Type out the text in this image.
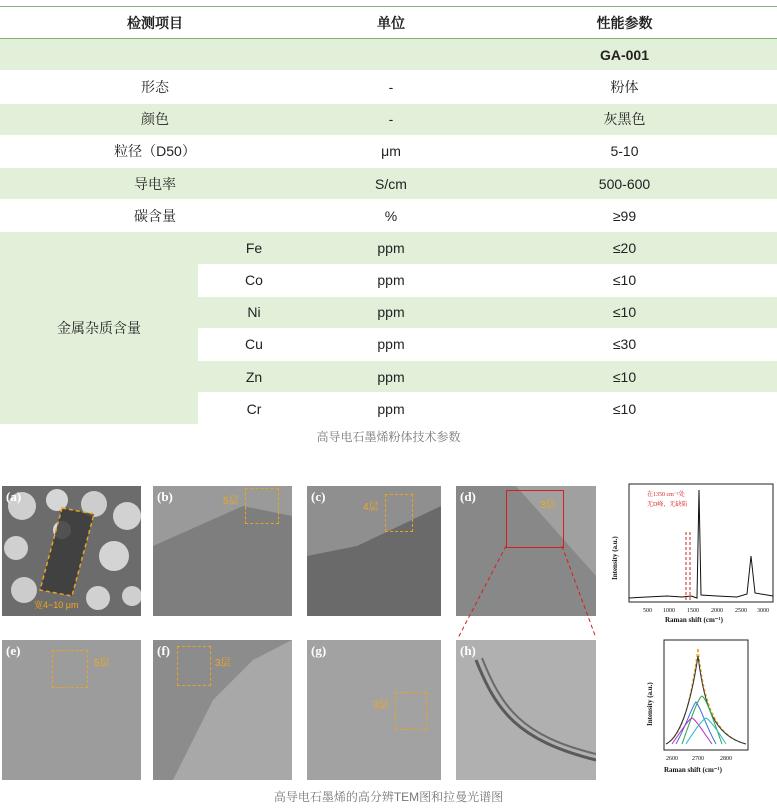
检测项目		单位	性能参数
			GA-001
形态		-	粉体
颜色		-	灰黑色
粒径（D50）		μm	5-10
导电率		S/cm	500-600
碳含量		%	≥99
金属杂质含量	Fe	ppm	≤20
	Co	ppm	≤10
	Ni	ppm	≤10
	Cu	ppm	≤30
	Zn	ppm	≤10
	Cr	ppm	≤10
高导电石墨烯粉体技术参数
(a)
宽4~10 μm
(b)	5层	(c)
4层
(d)
3层
(e)
5层
(f)
3层
(g)
3层
(h)
在1350 cm⁻¹处
无D峰，无缺陷
Intensity (a.u.)
500 1000 1500 2000 2500 3000
Raman shift (cm⁻¹)
Intensity (a.u.)
2600 2700	2800
Raman shift (cm⁻¹)
高导电石墨烯的高分辨TEM图和拉曼光谱图
